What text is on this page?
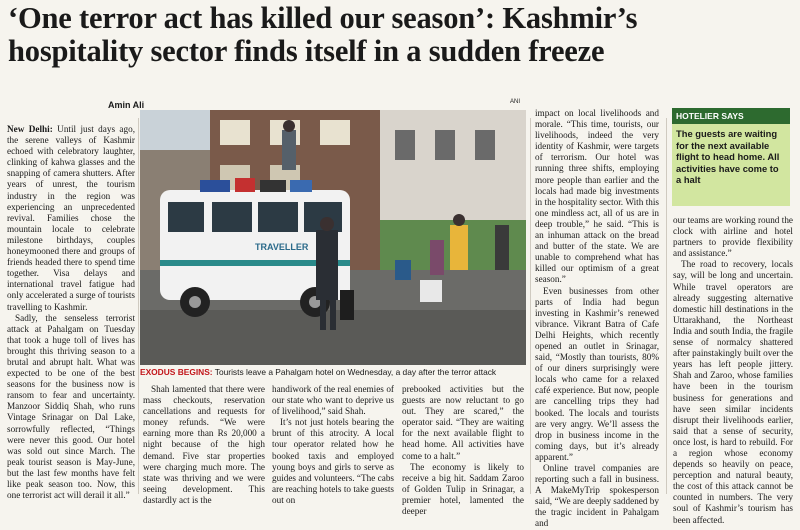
‘One terror act has killed our season’: Kashmir’s
hospitality sector finds itself in a sudden freeze
Amin Ali	ANI

New Delhi: Until just days ago, the serene valleys of Kashmir echoed with celebratory laughter, clinking of kahwa glasses and the snapping of camera shutters. After years of unrest, the tourism industry in the region was experiencing an unprecedented revival. Families chose the mountain locale to celebrate milestone birthdays, couples honeymooned there and groups of friends headed there to spend time together. Visa delays and international travel fatigue had only accelerated a surge of tourists travelling to Kashmir.

Sadly, the senseless terrorist attack at Pahalgam on Tuesday that took a huge toll of lives has brought this thriving season to a brutal and abrupt halt. What was expected to be one of the best seasons for the business now is ransom to fear and uncertainty. Manzoor Siddiq Shah, who runs Vintage Srinagar on Dal Lake, sorrowfully reflected, “Things were never this good. Our hotel was sold out since March. The peak tourist season is May-June, but the last few months have felt like peak season too. Now, this one terrorist act will derail it all.”

TRAVELLER
EXODUS BEGINS: Tourists leave a Pahalgam hotel on Wednesday, a day after the terror attack

Shah lamented that there were mass checkouts, reservation cancellations and requests for money refunds. “We were earning more than Rs 20,000 a night because of the high demand. Five star properties were charging much more. The state was thriving and we were seeing development. This dastardly act is the

handiwork of the real enemies of our state who want to deprive us of livelihood,” said Shah.

It’s not just hotels bearing the brunt of this atrocity. A local tour operator related how he booked taxis and employed young boys and girls to serve as guides and volunteers. “The cabs are reaching hotels to take guests out on

prebooked activities but the guests are now reluctant to go out. They are scared,” the operator said. “They are waiting for the next available flight to head home. All activities have come to a halt.”

The economy is likely to receive a big hit. Saddam Zaroo of Golden Tulip in Srinagar, a premier hotel, lamented the deeper

impact on local livelihoods and morale. “This time, tourists, our livelihoods, indeed the very identity of Kashmir, were targets of terrorism. Our hotel was running three shifts, employing more people than earlier and the locals had made big investments in the hospitality sector. With this one mindless act, all of us are in deep trouble,” he said. “This is an inhuman attack on the bread and butter of the state. We are unable to comprehend what has killed our optimism of a great season.”

Even businesses from other parts of India had begun investing in Kashmir’s renewed vibrance. Vikrant Batra of Cafe Delhi Heights, which recently opened an outlet in Srinagar, said, “Mostly than tourists, 80% of our diners surprisingly were locals who came for a relaxed café experience. But now, people are cancelling trips they had booked. The locals and tourists are very angry. We’ll assess the drop in business income in the coming days, but it’s already apparent.”

Online travel companies are reporting such a fall in business. A MakeMyTrip spokesperson said, “We are deeply saddened by the tragic incident in Pahalgam and

HOTELIER SAYS
The guests are waiting for the next available flight to head home. All activities have come to a halt

our teams are working round the clock with airline and hotel partners to provide flexibility and assistance.”

The road to recovery, locals say, will be long and uncertain. While travel operators are already suggesting alternative domestic hill destinations in the Uttarakhand, the Northeast India and south India, the fragile sense of normalcy shattered after painstakingly built over the years has left people jittery. Shah and Zaroo, whose families have been in the tourism business for generations and have seen similar incidents disrupt their livelihoods earlier, said that a sense of security, once lost, is hard to rebuild. For a region whose economy depends so heavily on peace, perception and natural beauty, the cost of this attack cannot be counted in numbers. The very soul of Kashmir’s tourism has been affected.
